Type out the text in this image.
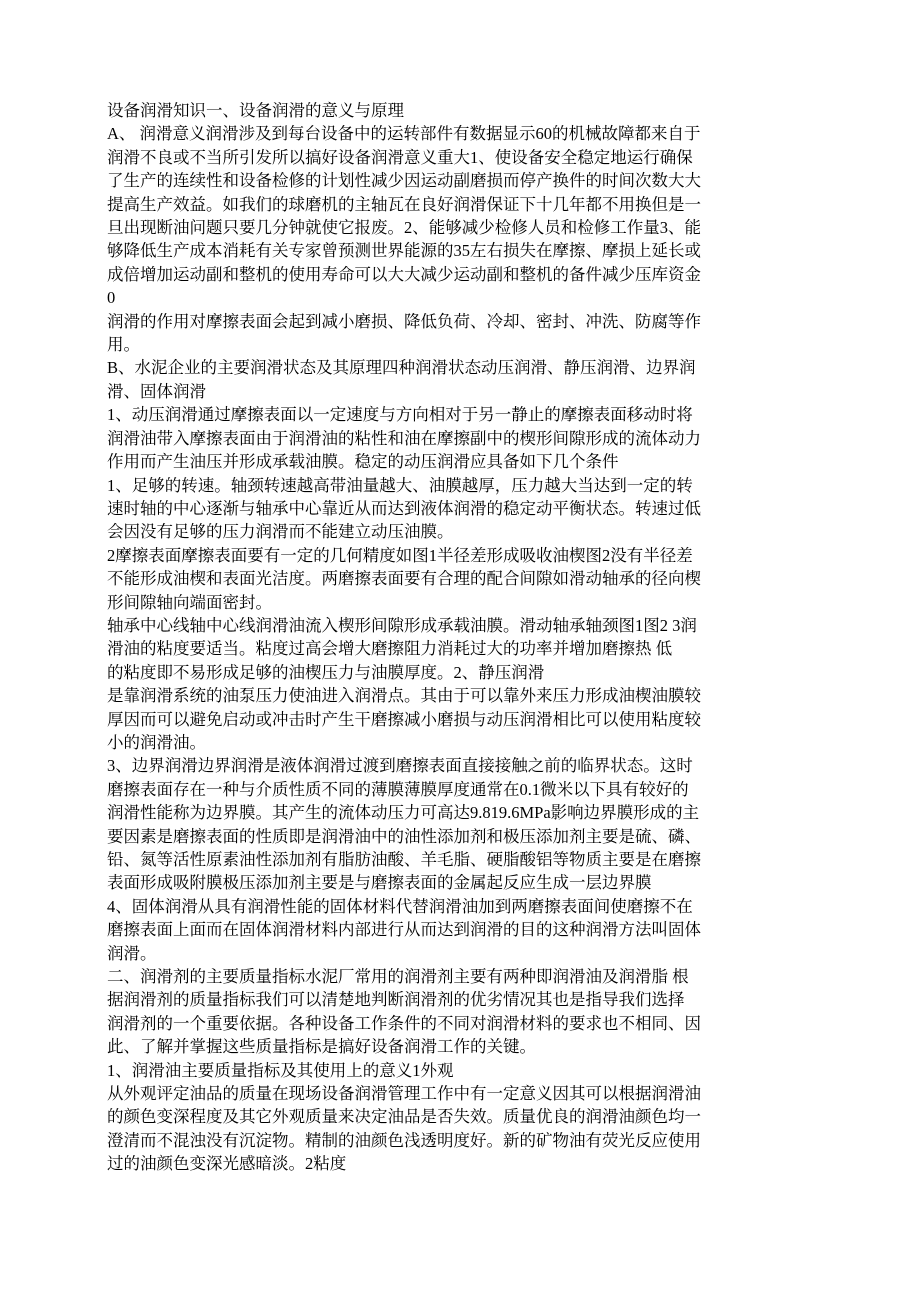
设备润滑知识一、设备润滑的意义与原理
A、 润滑意义润滑涉及到每台设备中的运转部件有数据显示60的机械故障都来自于
润滑不良或不当所引发所以搞好设备润滑意义重大1、使设备安全稳定地运行确保
了生产的连续性和设备检修的计划性减少因运动副磨损而停产换件的时间次数大大
提高生产效益。如我们的球磨机的主轴瓦在良好润滑保证下十几年都不用换但是一
旦出现断油问题只要几分钟就使它报废。2、能够减少检修人员和检修工作量3、能
够降低生产成本消耗有关专家曾预测世界能源的35左右损失在摩擦、摩损上延长或
成倍增加运动副和整机的使用寿命可以大大减少运动副和整机的备件减少压库资金
0
润滑的作用对摩擦表面会起到减小磨损、降低负荷、冷却、密封、冲洗、防腐等作
用。
B、水泥企业的主要润滑状态及其原理四种润滑状态动压润滑、静压润滑、边界润
滑、固体润滑
1、动压润滑通过摩擦表面以一定速度与方向相对于另一静止的摩擦表面移动时将
润滑油带入摩擦表面由于润滑油的粘性和油在摩擦副中的楔形间隙形成的流体动力
作用而产生油压并形成承载油膜。稳定的动压润滑应具备如下几个条件
1、足够的转速。轴颈转速越高带油量越大、油膜越厚，压力越大当达到一定的转
速时轴的中心逐渐与轴承中心靠近从而达到液体润滑的稳定动平衡状态。转速过低
会因没有足够的压力润滑而不能建立动压油膜。
2摩擦表面摩擦表面要有一定的几何精度如图1半径差形成吸收油楔图2没有半径差
不能形成油楔和表面光洁度。两磨擦表面要有合理的配合间隙如滑动轴承的径向楔
形间隙轴向端面密封。
轴承中心线轴中心线润滑油流入楔形间隙形成承载油膜。滑动轴承轴颈图1图2 3润
滑油的粘度要适当。粘度过高会增大磨擦阻力消耗过大的功率并增加磨擦热 低
的粘度即不易形成足够的油楔压力与油膜厚度。2、静压润滑
是靠润滑系统的油泵压力使油进入润滑点。其由于可以靠外来压力形成油楔油膜较
厚因而可以避免启动或冲击时产生干磨擦减小磨损与动压润滑相比可以使用粘度较
小的润滑油。
3、边界润滑边界润滑是液体润滑过渡到磨擦表面直接接触之前的临界状态。这时
磨擦表面存在一种与介质性质不同的薄膜薄膜厚度通常在0.1微米以下具有较好的
润滑性能称为边界膜。其产生的流体动压力可高达9.819.6MPa影响边界膜形成的主
要因素是磨擦表面的性质即是润滑油中的油性添加剂和极压添加剂主要是硫、磷、
铅、氮等活性原素油性添加剂有脂肪油酸、羊毛脂、硬脂酸铝等物质主要是在磨擦
表面形成吸附膜极压添加剂主要是与磨擦表面的金属起反应生成一层边界膜
4、固体润滑从具有润滑性能的固体材料代替润滑油加到两磨擦表面间使磨擦不在
磨擦表面上面而在固体润滑材料内部进行从而达到润滑的目的这种润滑方法叫固体
润滑。
二、润滑剂的主要质量指标水泥厂常用的润滑剂主要有两种即润滑油及润滑脂 根
据润滑剂的质量指标我们可以清楚地判断润滑剂的优劣情况其也是指导我们选择
润滑剂的一个重要依据。各种设备工作条件的不同对润滑材料的要求也不相同、因
此、了解并掌握这些质量指标是搞好设备润滑工作的关键。
1、润滑油主要质量指标及其使用上的意义1外观
从外观评定油品的质量在现场设备润滑管理工作中有一定意义因其可以根据润滑油
的颜色变深程度及其它外观质量来决定油品是否失效。质量优良的润滑油颜色均一
澄清而不混浊没有沉淀物。精制的油颜色浅透明度好。新的矿物油有荧光反应使用
过的油颜色变深光感暗淡。2粘度
